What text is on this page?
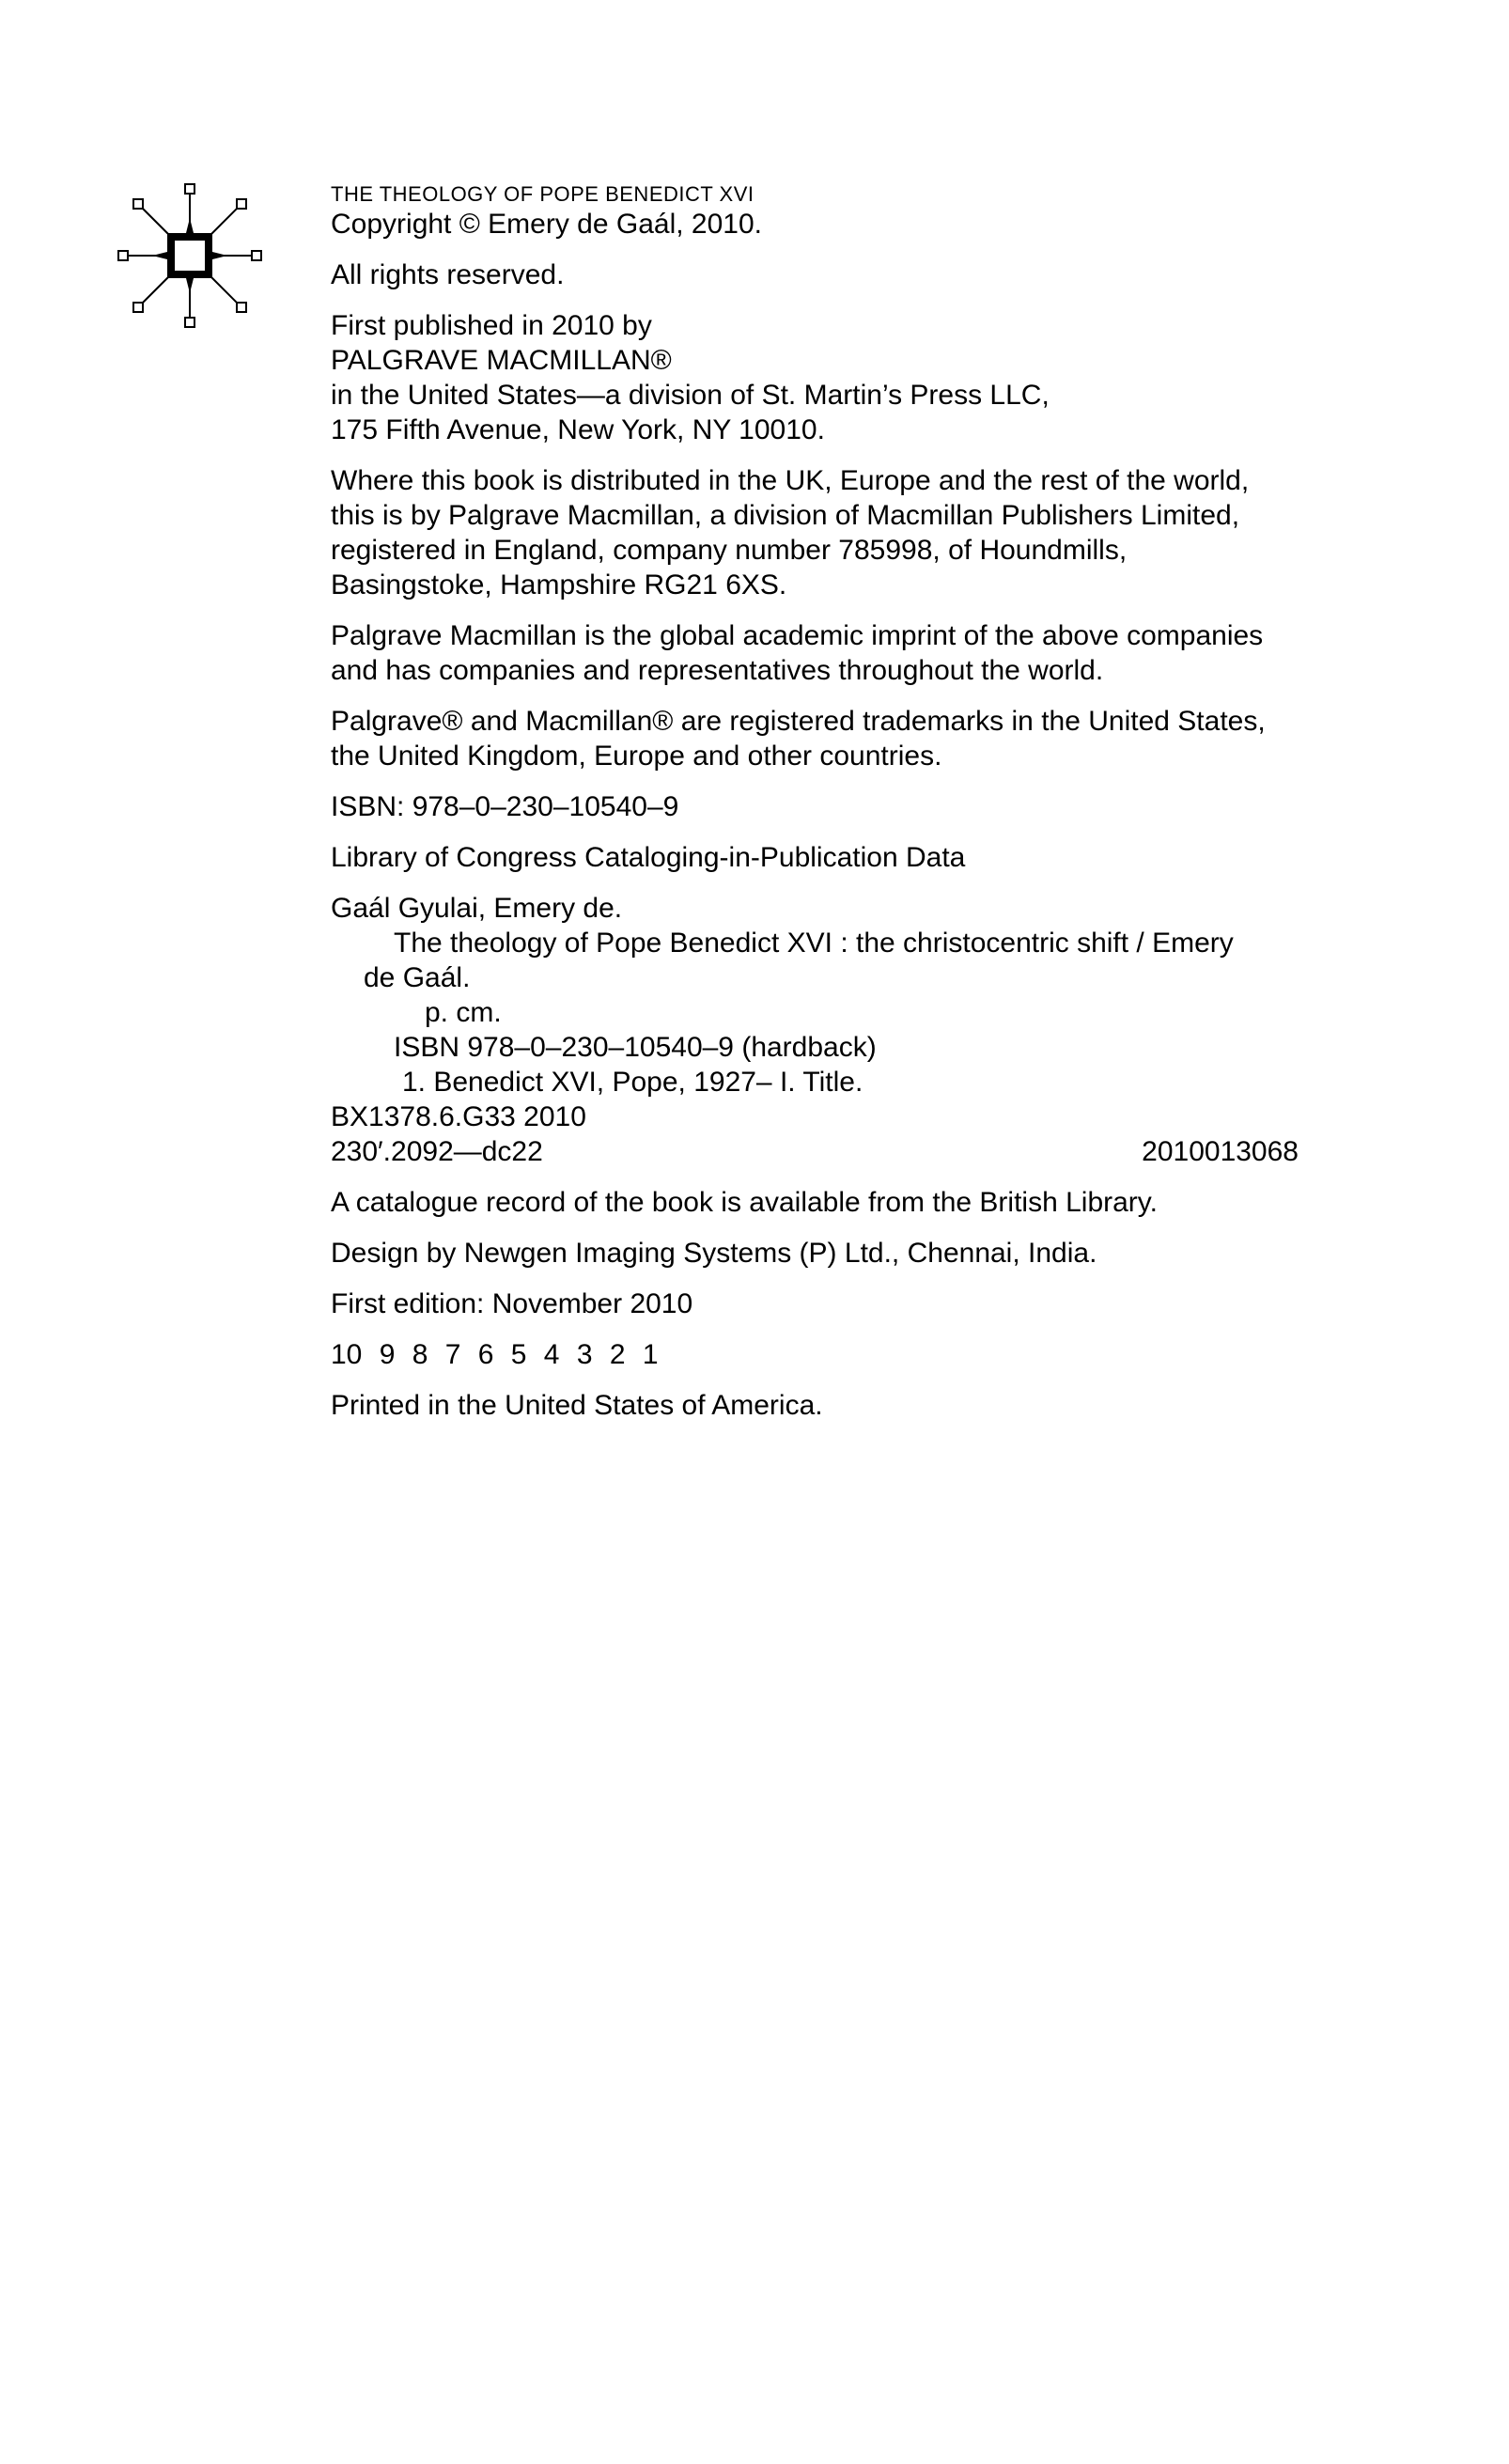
THE THEOLOGY OF POPE BENEDICT XVI
Copyright © Emery de Gaál, 2010.
All rights reserved.
First published in 2010 by
PALGRAVE MACMILLAN®
in the United States—a division of St. Martin’s Press LLC,
175 Fifth Avenue, New York, NY 10010.
Where this book is distributed in the UK, Europe and the rest of the world,
this is by Palgrave Macmillan, a division of Macmillan Publishers Limited,
registered in England, company number 785998, of Houndmills,
Basingstoke, Hampshire RG21 6XS.
Palgrave Macmillan is the global academic imprint of the above companies
and has companies and representatives throughout the world.
Palgrave® and Macmillan® are registered trademarks in the United States,
the United Kingdom, Europe and other countries.
ISBN: 978–0–230–10540–9
Library of Congress Cataloging-in-Publication Data
Gaál Gyulai, Emery de.
The theology of Pope Benedict XVI : the christocentric shift / Emery
de Gaál.
p. cm.
ISBN 978–0–230–10540–9 (hardback)
1. Benedict XVI, Pope, 1927– I. Title.
BX1378.6.G33 2010
230′.2092—dc22	2010013068
A catalogue record of the book is available from the British Library.
Design by Newgen Imaging Systems (P) Ltd., Chennai, India.
First edition: November 2010
10 9 8 7 6 5 4 3 2 1
Printed in the United States of America.
